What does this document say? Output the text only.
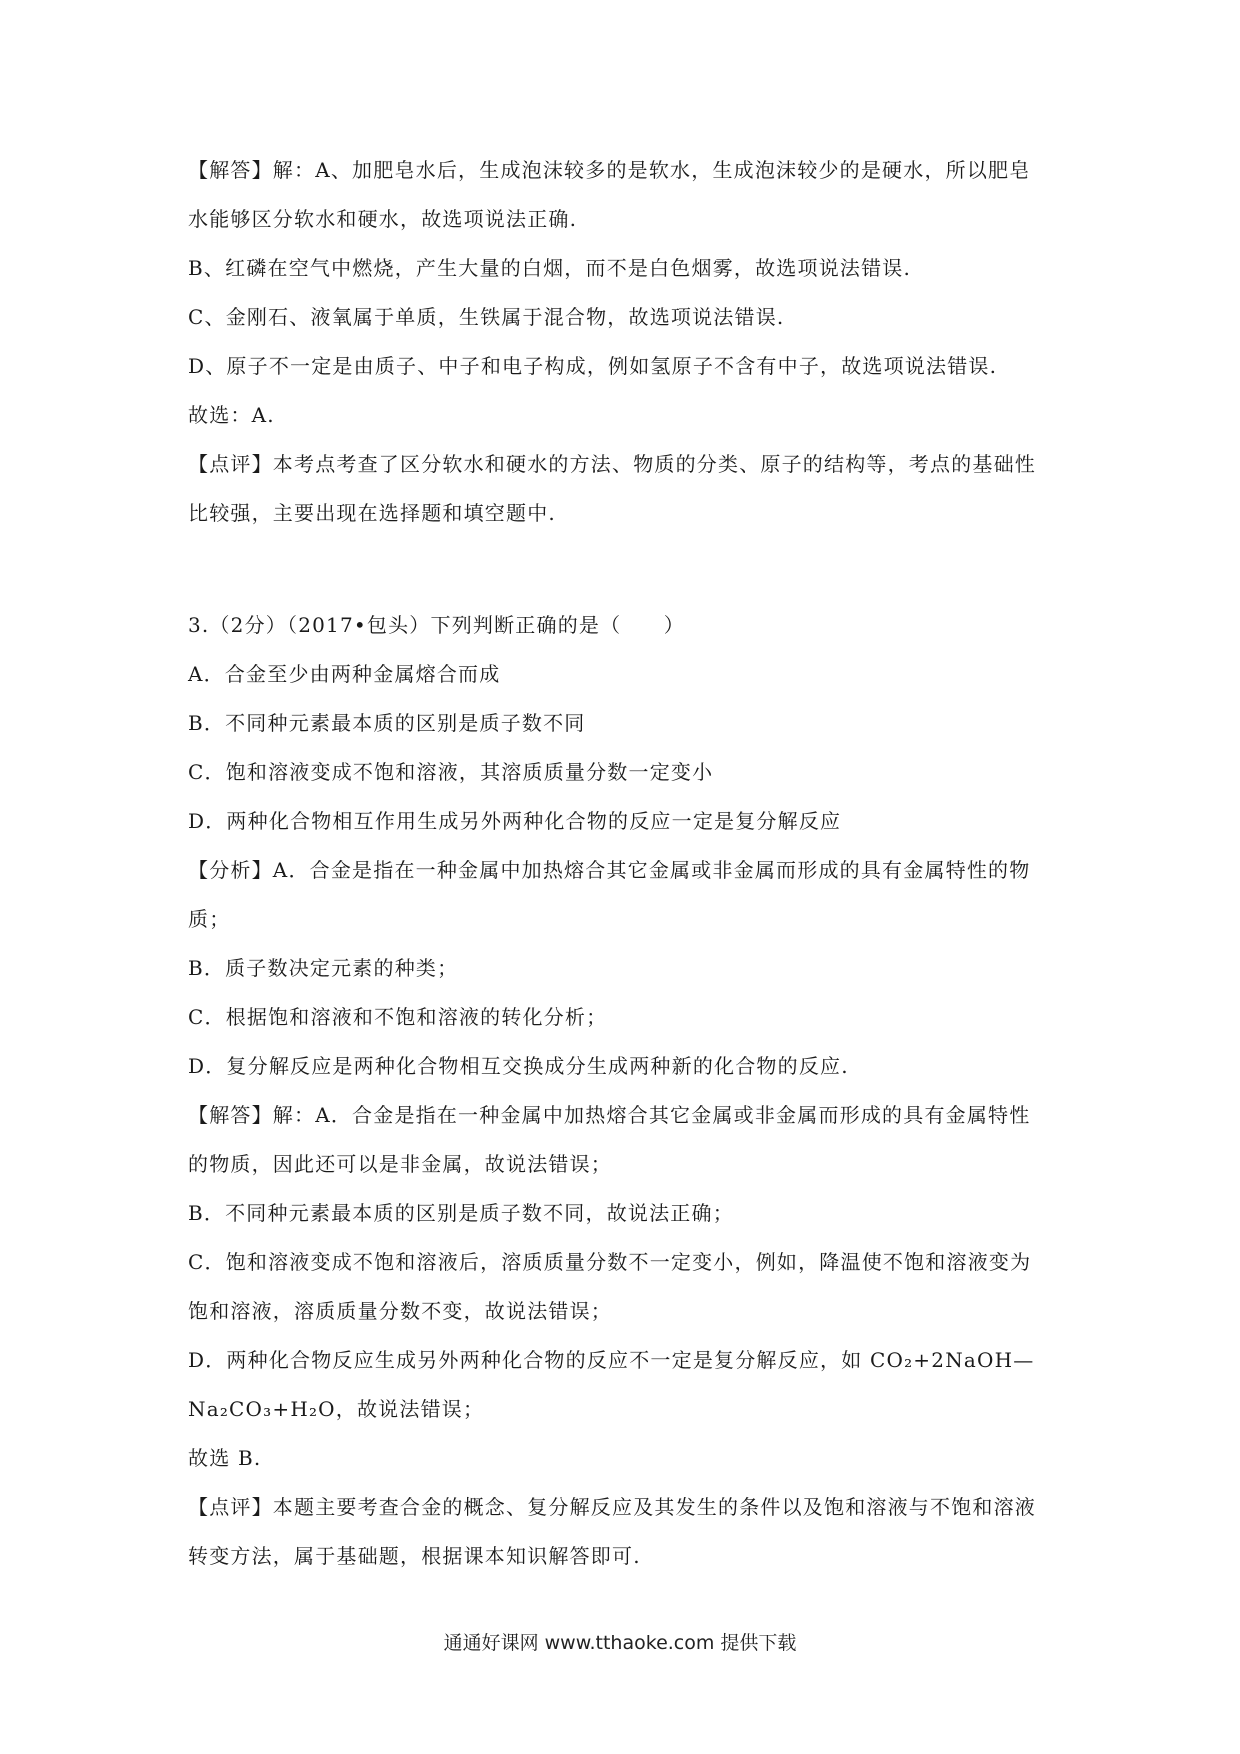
【解答】解：A、加肥皂水后，生成泡沫较多的是软水，生成泡沫较少的是硬水，所以肥皂
水能够区分软水和硬水，故选项说法正确.
B、红磷在空气中燃烧，产生大量的白烟，而不是白色烟雾，故选项说法错误.
C、金刚石、液氧属于单质，生铁属于混合物，故选项说法错误.
D、原子不一定是由质子、中子和电子构成，例如氢原子不含有中子，故选项说法错误.
故选：A.
【点评】本考点考查了区分软水和硬水的方法、物质的分类、原子的结构等，考点的基础性
比较强，主要出现在选择题和填空题中.
3.（2分）（2017•包头）下列判断正确的是（　　）
A．合金至少由两种金属熔合而成
B．不同种元素最本质的区别是质子数不同
C．饱和溶液变成不饱和溶液，其溶质质量分数一定变小
D．两种化合物相互作用生成另外两种化合物的反应一定是复分解反应
【分析】A．合金是指在一种金属中加热熔合其它金属或非金属而形成的具有金属特性的物
质；
B．质子数决定元素的种类；
C．根据饱和溶液和不饱和溶液的转化分析；
D．复分解反应是两种化合物相互交换成分生成两种新的化合物的反应.
【解答】解：A．合金是指在一种金属中加热熔合其它金属或非金属而形成的具有金属特性
的物质，因此还可以是非金属，故说法错误；
B．不同种元素最本质的区别是质子数不同，故说法正确；
C．饱和溶液变成不饱和溶液后，溶质质量分数不一定变小，例如，降温使不饱和溶液变为
饱和溶液，溶质质量分数不变，故说法错误；
D．两种化合物反应生成另外两种化合物的反应不一定是复分解反应，如 CO₂+2NaOH—
Na₂CO₃+H₂O，故说法错误；
故选 B.
【点评】本题主要考查合金的概念、复分解反应及其发生的条件以及饱和溶液与不饱和溶液
转变方法，属于基础题，根据课本知识解答即可.
通通好课网 www.tthaoke.com 提供下载
